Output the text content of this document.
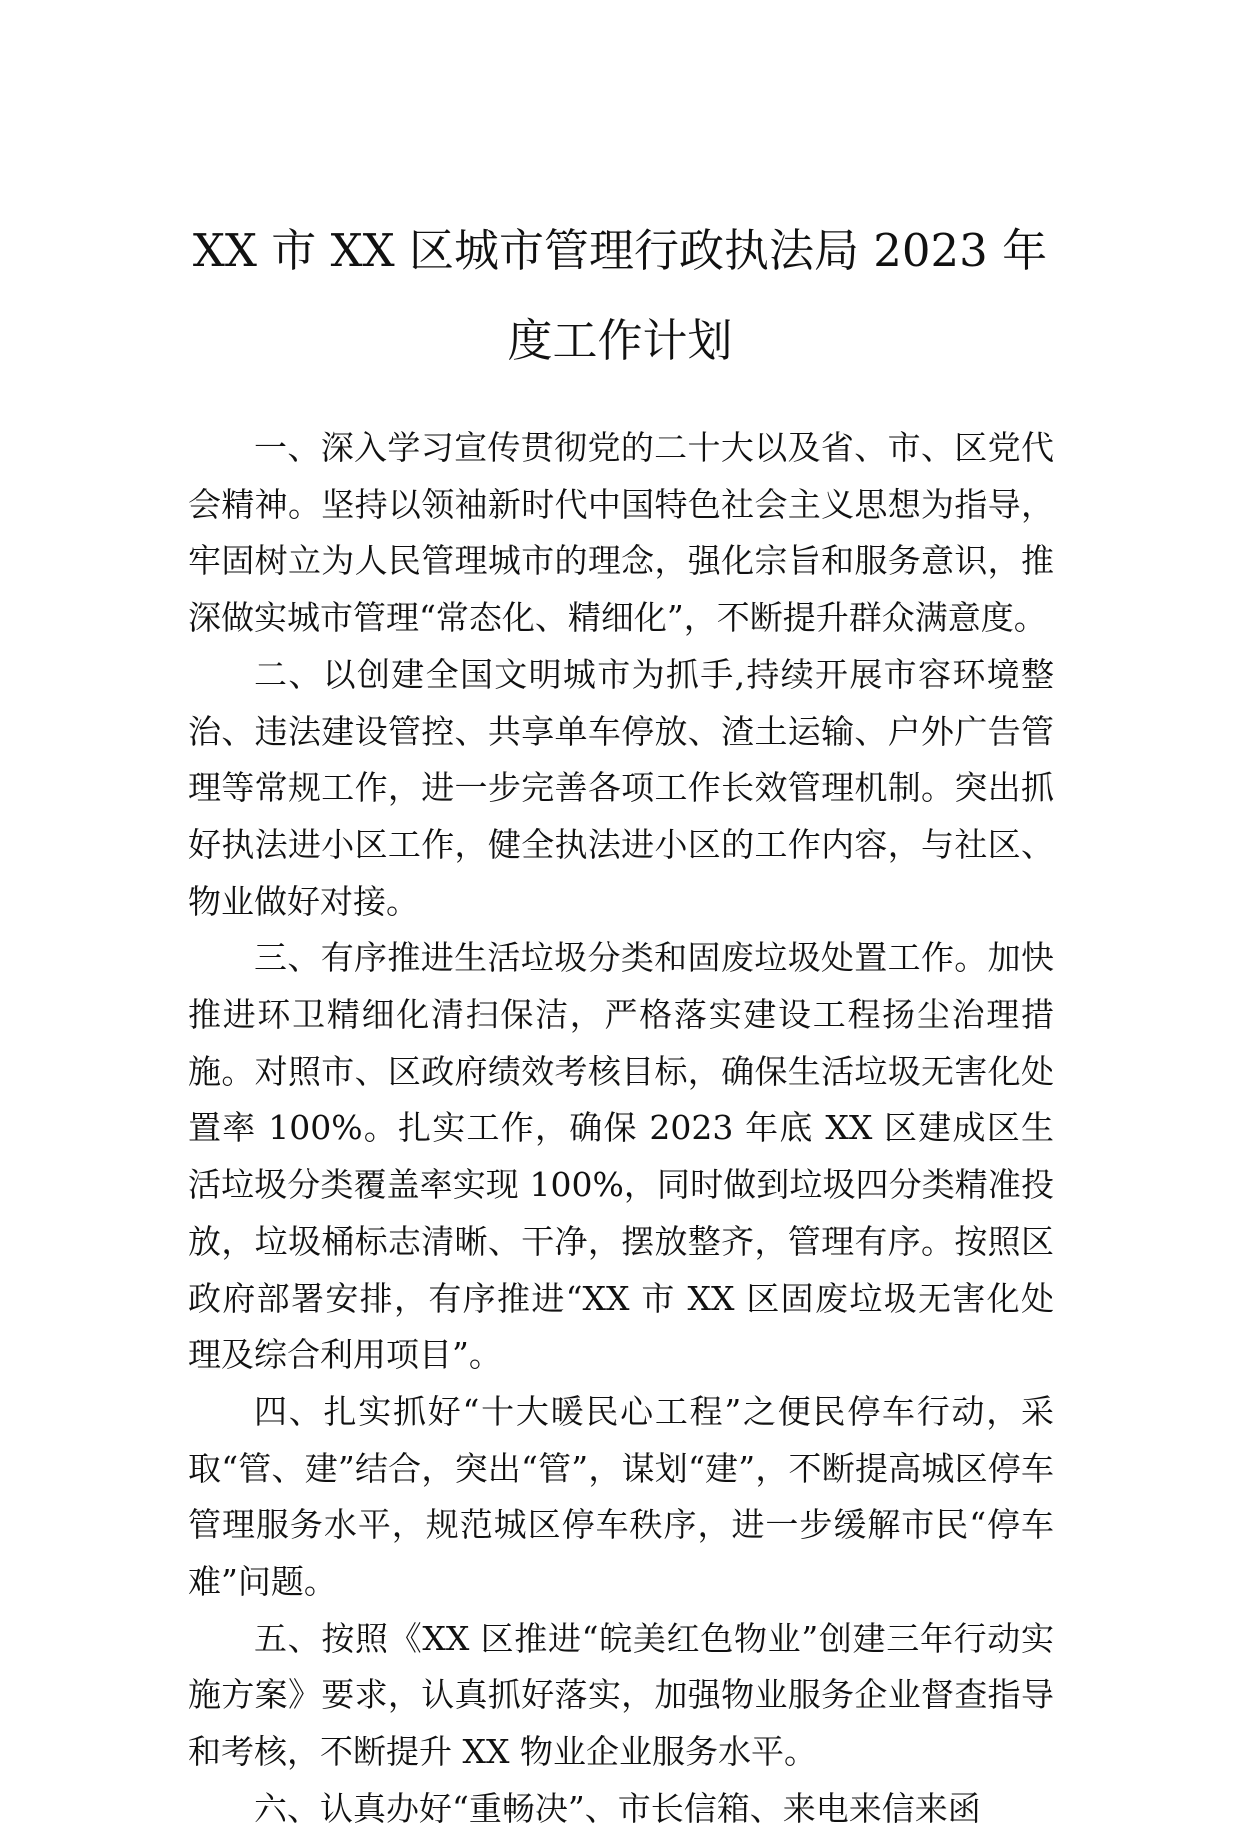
XX 市 XX 区城市管理行政执法局 2023 年
度工作计划

一、深入学习宣传贯彻党的二十大以及省、市、区党代会精神。坚持以领袖新时代中国特色社会主义思想为指导，牢固树立为人民管理城市的理念，强化宗旨和服务意识，推深做实城市管理“常态化、精细化”，不断提升群众满意度。

二、以创建全国文明城市为抓手,持续开展市容环境整治、违法建设管控、共享单车停放、渣土运输、户外广告管理等常规工作，进一步完善各项工作长效管理机制。突出抓好执法进小区工作，健全执法进小区的工作内容，与社区、物业做好对接。

三、有序推进生活垃圾分类和固废垃圾处置工作。加快推进环卫精细化清扫保洁，严格落实建设工程扬尘治理措施。对照市、区政府绩效考核目标，确保生活垃圾无害化处置率 100%。扎实工作，确保 2023 年底 XX 区建成区生活垃圾分类覆盖率实现 100%，同时做到垃圾四分类精准投放，垃圾桶标志清晰、干净，摆放整齐，管理有序。按照区政府部署安排，有序推进“XX 市 XX 区固废垃圾无害化处理及综合利用项目”。

四、扎实抓好“十大暖民心工程”之便民停车行动，采取“管、建”结合，突出“管”，谋划“建”，不断提高城区停车管理服务水平，规范城区停车秩序，进一步缓解市民“停车难”问题。

五、按照《XX 区推进“皖美红色物业”创建三年行动实施方案》要求，认真抓好落实，加强物业服务企业督查指导和考核，不断提升 XX 物业企业服务水平。

六、认真办好“重畅决”、市长信箱、来电来信来函
